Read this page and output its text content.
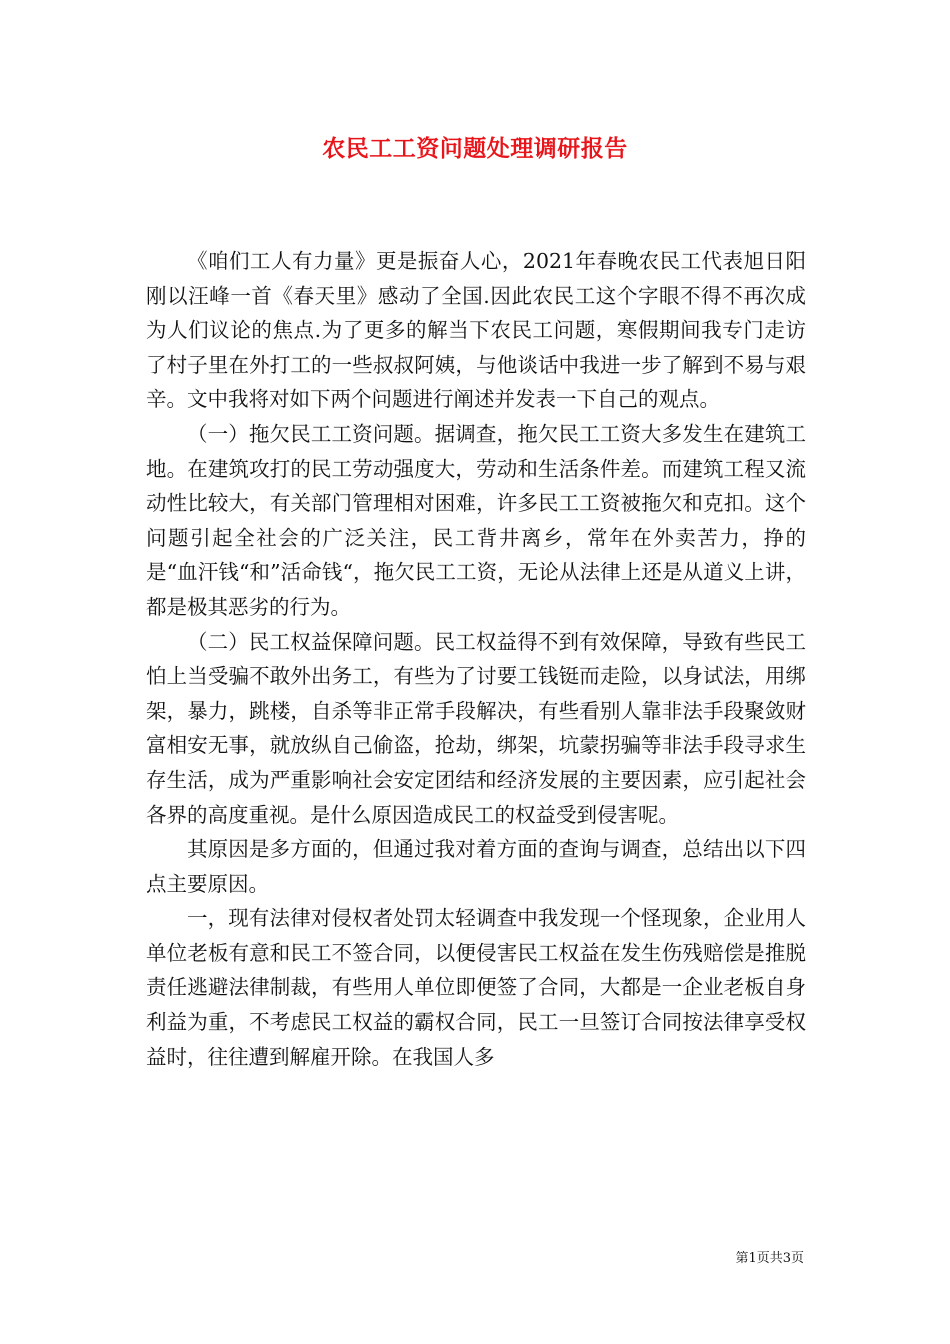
农民工工资问题处理调研报告

《咱们工人有力量》更是振奋人心，2021年春晚农民工代表旭日阳刚以汪峰一首《春天里》感动了全国.因此农民工这个字眼不得不再次成为人们议论的焦点.为了更多的解当下农民工问题，寒假期间我专门走访了村子里在外打工的一些叔叔阿姨，与他谈话中我进一步了解到不易与艰辛。文中我将对如下两个问题进行阐述并发表一下自己的观点。

（一）拖欠民工工资问题。据调查，拖欠民工工资大多发生在建筑工地。在建筑攻打的民工劳动强度大，劳动和生活条件差。而建筑工程又流动性比较大，有关部门管理相对困难，许多民工工资被拖欠和克扣。这个问题引起全社会的广泛关注，民工背井离乡，常年在外卖苦力，挣的是“血汗钱“和”活命钱“，拖欠民工工资，无论从法律上还是从道义上讲，都是极其恶劣的行为。

（二）民工权益保障问题。民工权益得不到有效保障，导致有些民工怕上当受骗不敢外出务工，有些为了讨要工钱铤而走险，以身试法，用绑架，暴力，跳楼，自杀等非正常手段解决，有些看别人靠非法手段聚敛财富相安无事，就放纵自己偷盗，抢劫，绑架，坑蒙拐骗等非法手段寻求生存生活，成为严重影响社会安定团结和经济发展的主要因素，应引起社会各界的高度重视。是什么原因造成民工的权益受到侵害呢。

其原因是多方面的，但通过我对着方面的查询与调查，总结出以下四点主要原因。

一，现有法律对侵权者处罚太轻调查中我发现一个怪现象，企业用人单位老板有意和民工不签合同，以便侵害民工权益在发生伤残赔偿是推脱责任逃避法律制裁，有些用人单位即便签了合同，大都是一企业老板自身利益为重，不考虑民工权益的霸权合同，民工一旦签订合同按法律享受权益时，往往遭到解雇开除。在我国人多

第1页共3页
